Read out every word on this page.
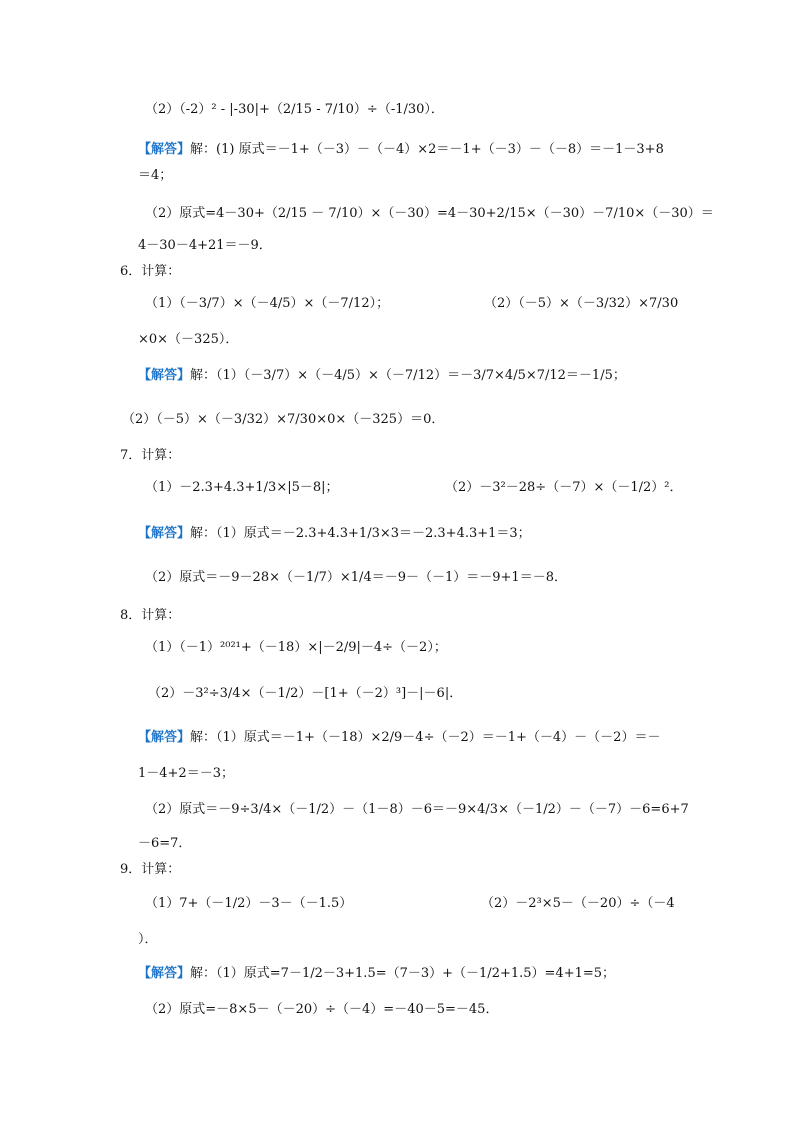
（2）（-2）² - |-30|+（2/15 - 7/10）÷（-1/30）．
【解答】解：(1) 原式＝－1+（－3）－（－4）×2＝－1+（－3）－（－8）＝－1－3+8
＝4；
（2）原式=4－30+（2/15 － 7/10）×（－30）=4－30+2/15×（－30）－7/10×（－30）＝
4－30－4+21＝－9．
6．计算：
（1）（－3/7）×（－4/5）×（－7/12）；	（2）（－5）×（－3/32）×7/30
×0×（－325）．
【解答】解：（1）（－3/7）×（－4/5）×（－7/12）＝－3/7×4/5×7/12＝－1/5；
（2）（－5）×（－3/32）×7/30×0×（－325）＝0．
7．计算：
（1）－2.3+4.3+1/3×|5－8|；	（2）－3²－28÷（－7）×（－1/2）²．
【解答】解：（1）原式＝－2.3+4.3+1/3×3＝－2.3+4.3+1＝3；
（2）原式＝－9－28×（－1/7）×1/4＝－9－（－1）＝－9+1＝－8．
8．计算：
（1）（－1）²⁰²¹+（－18）×|－2/9|－4÷（－2）；
（2）－3²÷3/4×（－1/2）－[1+（－2）³]－|－6|．
【解答】解：（1）原式＝－1+（－18）×2/9－4÷（－2）＝－1+（－4）－（－2）＝－
1－4+2＝－3；
（2）原式＝－9÷3/4×（－1/2）－（1－8）－6＝－9×4/3×（－1/2）－（－7）－6=6+7
－6=7．
9．计算：
（1）7+（－1/2）－3－（－1.5）	（2）－2³×5－（－20）÷（－4
）．
【解答】解：（1）原式=7－1/2－3+1.5=（7－3）+（－1/2+1.5）=4+1=5；
（2）原式=－8×5－（－20）÷（－4）=－40－5=－45．
